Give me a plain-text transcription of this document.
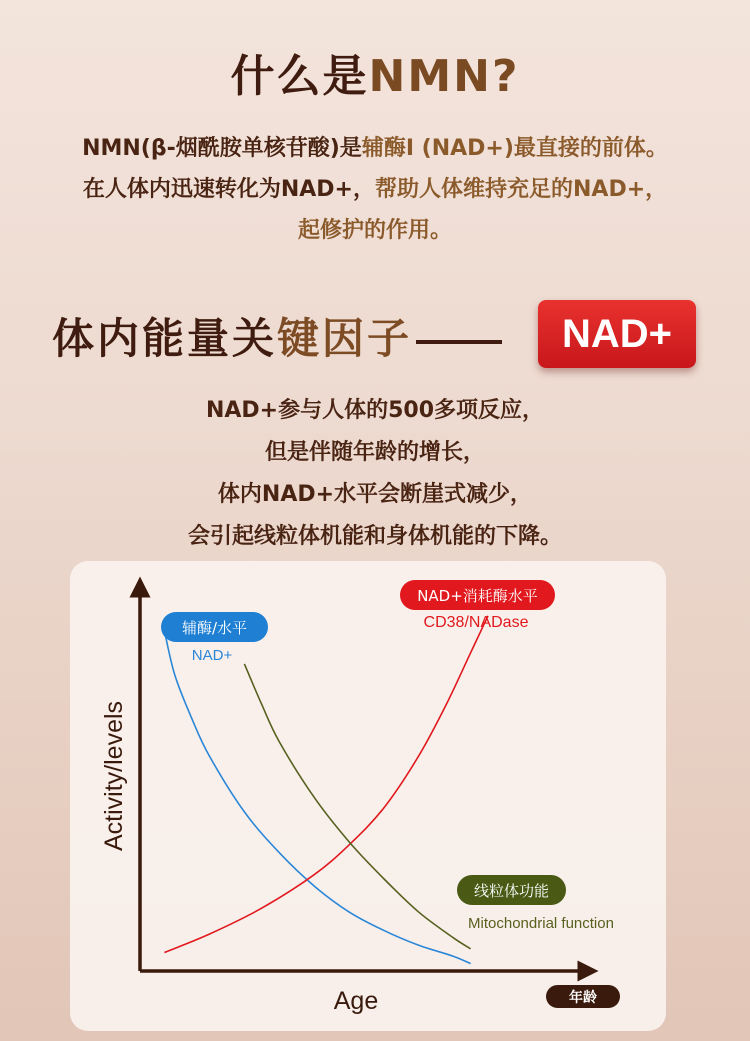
什么是NMN?
NMN(β-烟酰胺单核苷酸)是辅酶I (NAD+)最直接的前体。
在人体内迅速转化为NAD+，帮助人体维持充足的NAD+，
起修护的作用。
体内能量关键因子	NAD+
NAD+参与人体的500多项反应，
但是伴随年龄的增长，
体内NAD+水平会断崖式减少，
会引起线粒体机能和身体机能的下降。
Activity/levels
Age	年龄
辅酶/水平
NAD+
NAD+消耗酶水平
CD38/NADase
线粒体功能
Mitochondrial function
